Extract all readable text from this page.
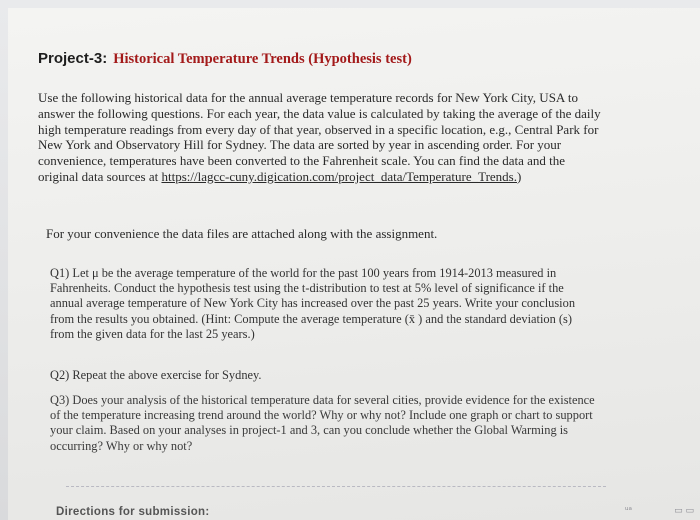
Project-3: Historical Temperature Trends (Hypothesis test)
Use the following historical data for the annual average temperature records for New York City, USA to answer the following questions. For each year, the data value is calculated by taking the average of the daily high temperature readings from every day of that year, observed in a specific location, e.g., Central Park for New York and Observatory Hill for Sydney. The data are sorted by year in ascending order. For your convenience, temperatures have been converted to the Fahrenheit scale. You can find the data and the original data sources at https://lagcc-cuny.digication.com/project_data/Temperature_Trends.)
For your convenience the data files are attached along with the assignment.
Q1) Let μ be the average temperature of the world for the past 100 years from 1914-2013 measured in Fahrenheits. Conduct the hypothesis test using the t-distribution to test at 5% level of significance if the annual average temperature of New York City has increased over the past 25 years. Write your conclusion from the results you obtained. (Hint: Compute the average temperature (x̄ ) and the standard deviation (s) from the given data for the last 25 years.)
Q2) Repeat the above exercise for Sydney.
Q3) Does your analysis of the historical temperature data for several cities, provide evidence for the existence of the temperature increasing trend around the world? Why or why not? Include one graph or chart to support your claim. Based on your analyses in project-1 and 3, can you conclude whether the Global Warming is occurring? Why or why not?
Directions for submission:	ᵘᵃ	▭ ▭
